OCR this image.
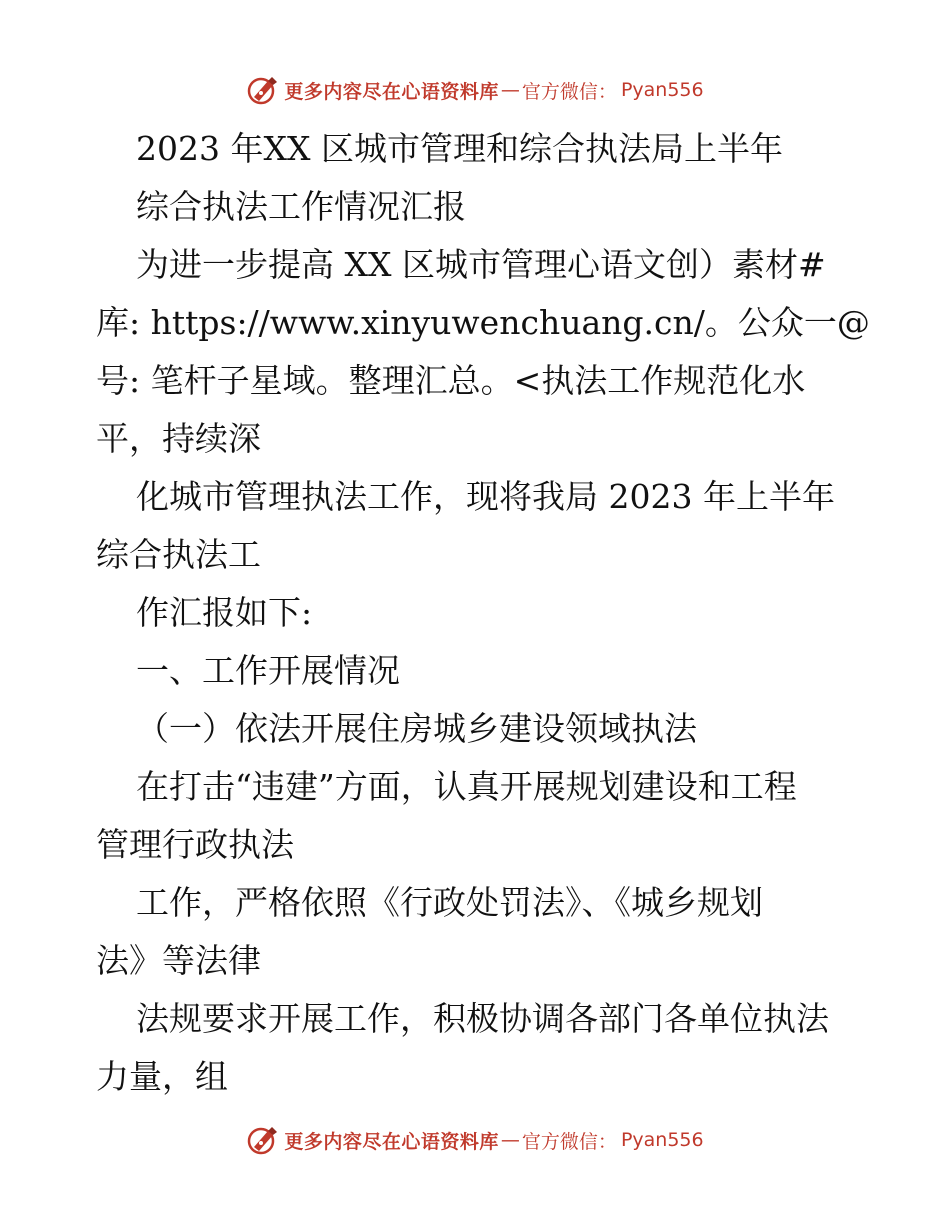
更多内容尽在心语资料库 — 官方微信： Pyan556
2023 年XX 区城市管理和综合执法局上半年
综合执法工作情况汇报
为进一步提高 XX 区城市管理心语文创）素材#
库: https://www.xinyuwenchuang.cn/。公众一@
号: 笔杆子星域。整理汇总。<执法工作规范化水
平，持续深
化城市管理执法工作，现将我局 2023 年上半年
综合执法工
作汇报如下:
一、工作开展情况
（一）依法开展住房城乡建设领域执法
在打击“违建”方面，认真开展规划建设和工程
管理行政执法
工作，严格依照《行政处罚法》、《城乡规划
法》等法律
法规要求开展工作，积极协调各部门各单位执法
力量，组
更多内容尽在心语资料库 — 官方微信： Pyan556
